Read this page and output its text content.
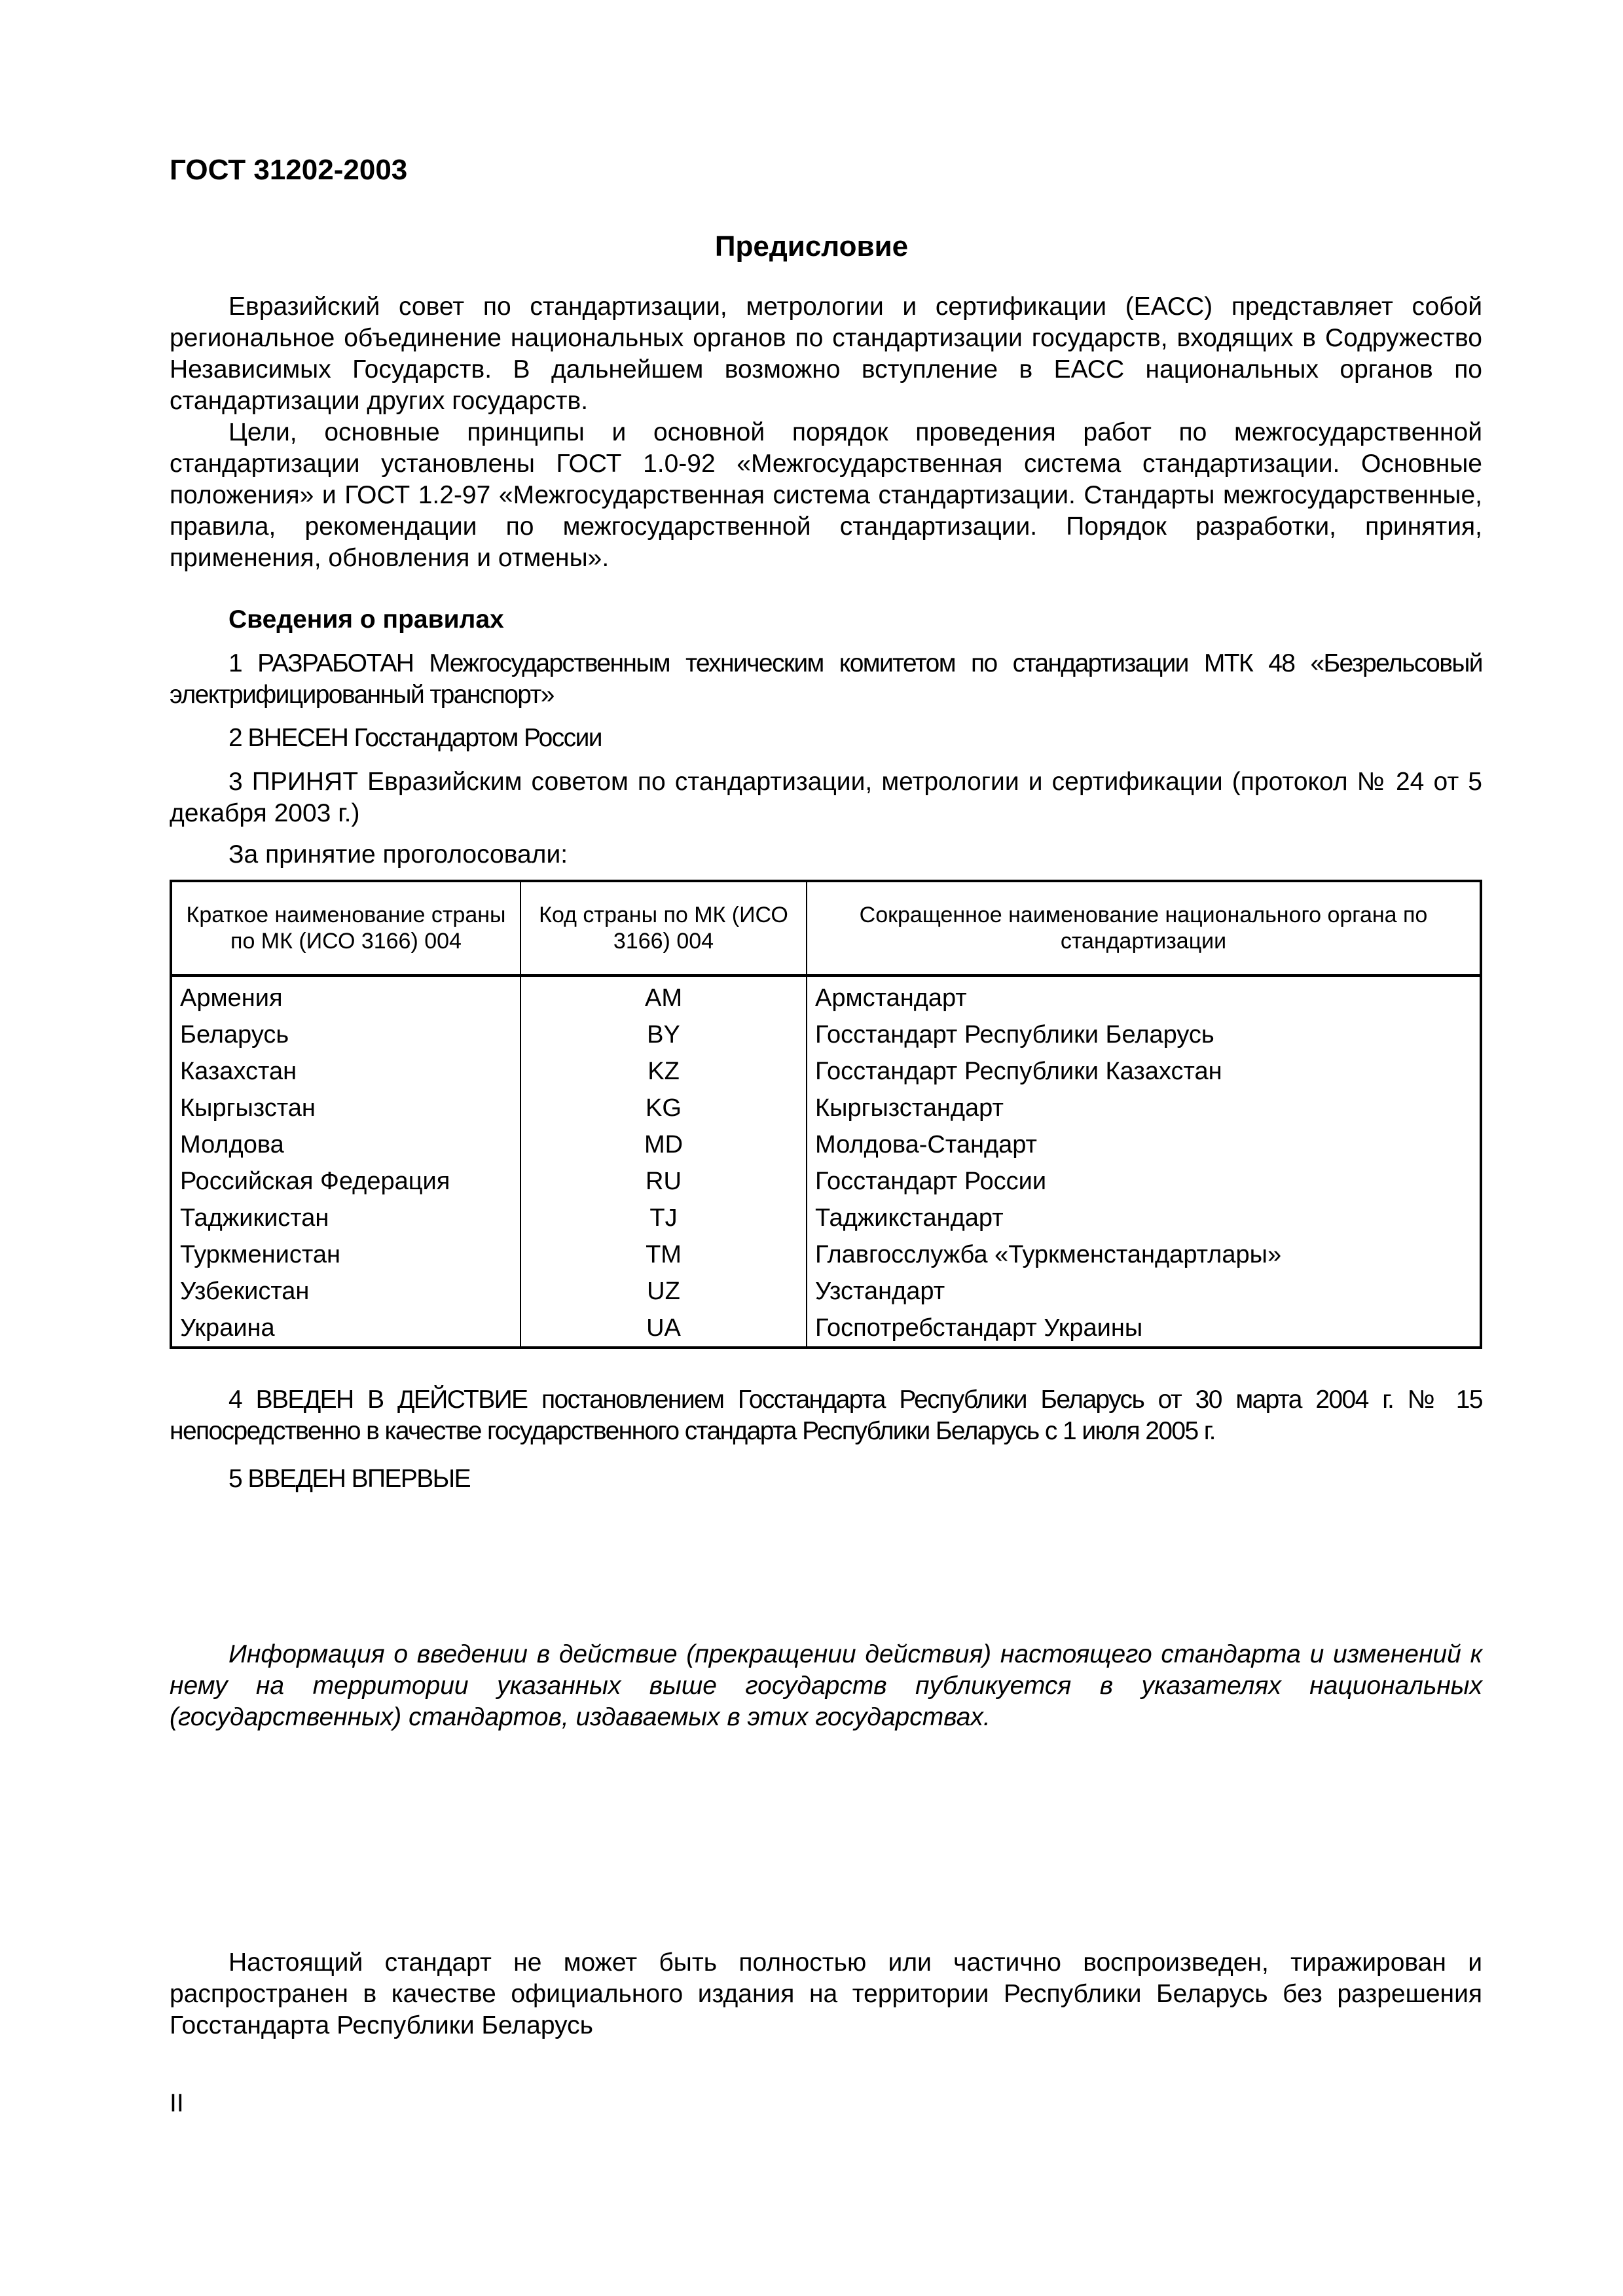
ГОСТ 31202-2003
Предисловие
Евразийский совет по стандартизации, метрологии и сертификации (ЕАСС) представляет собой региональное объединение национальных органов по стандартизации государств, входящих в Содружество Независимых Государств. В дальнейшем возможно вступление в ЕАСС национальных органов по стандартизации других государств.
Цели, основные принципы и основной порядок проведения работ по межгосударственной стандартизации установлены ГОСТ 1.0-92 «Межгосударственная система стандартизации. Основные положения» и ГОСТ 1.2-97 «Межгосударственная система стандартизации. Стандарты межгосударственные, правила, рекомендации по межгосударственной стандартизации. Порядок разработки, принятия, применения, обновления и отмены».
Сведения о правилах
1 РАЗРАБОТАН Межгосударственным техническим комитетом по стандартизации МТК 48 «Безрельсовый электрифицированный транспорт»
2 ВНЕСЕН Госстандартом России
3 ПРИНЯТ Евразийским советом по стандартизации, метрологии и сертификации (протокол № 24 от 5 декабря 2003 г.)
За принятие проголосовали:
Краткое наименование страны по МК (ИСО 3166) 004	Код страны по МК (ИСО 3166) 004	Сокращенное наименование национального органа по стандартизации
Армения	AM	Армстандарт
Беларусь	BY	Госстандарт Республики Беларусь
Казахстан	KZ	Госстандарт Республики Казахстан
Кыргызстан	KG	Кыргызстандарт
Молдова	MD	Молдова-Стандарт
Российская Федерация	RU	Госстандарт России
Таджикистан	TJ	Таджикстандарт
Туркменистан	TM	Главгосслужба «Туркменстандартлары»
Узбекистан	UZ	Узстандарт
Украина	UA	Госпотребстандарт Украины
4 ВВЕДЕН В ДЕЙСТВИЕ постановлением Госстандарта Республики Беларусь от 30 марта 2004 г. № 15 непосредственно в качестве государственного стандарта Республики Беларусь с 1 июля 2005 г.
5 ВВЕДЕН ВПЕРВЫЕ
Информация о введении в действие (прекращении действия) настоящего стандарта и изменений к нему на территории указанных выше государств публикуется в указателях национальных (государственных) стандартов, издаваемых в этих государствах.
Настоящий стандарт не может быть полностью или частично воспроизведен, тиражирован и распространен в качестве официального издания на территории Республики Беларусь без разрешения Госстандарта Республики Беларусь
II
